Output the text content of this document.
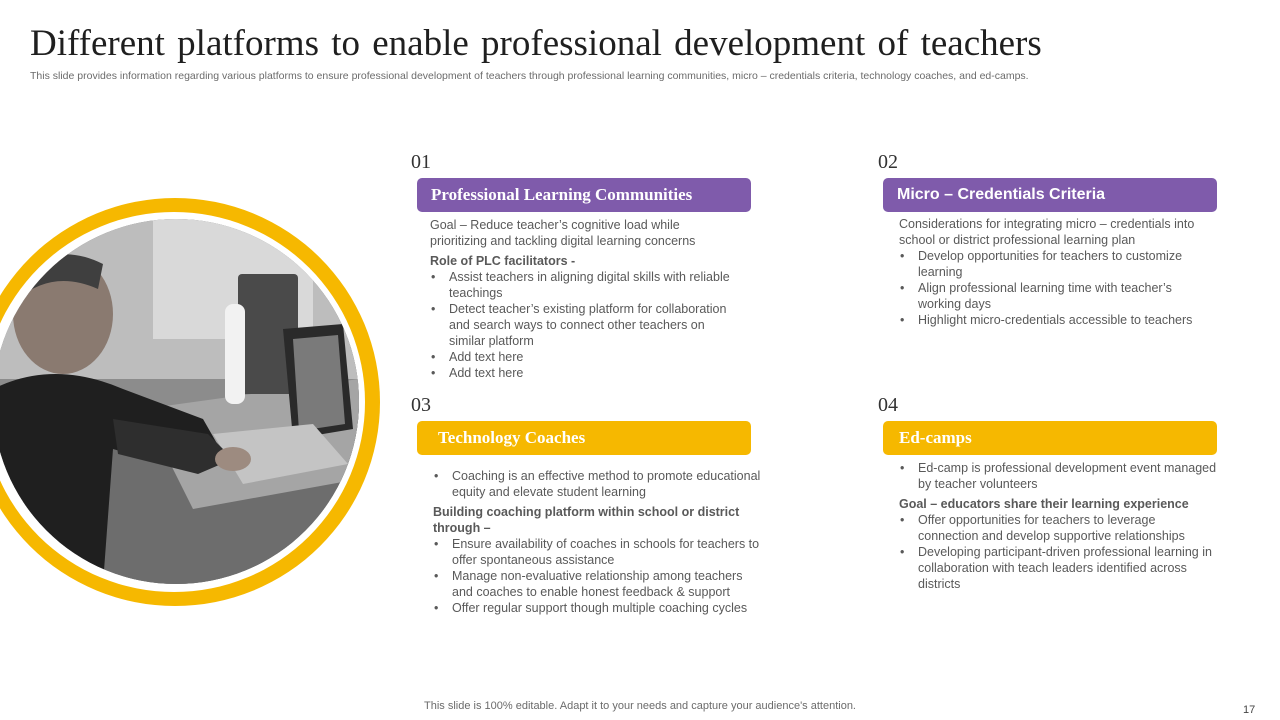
Different platforms to enable professional development of teachers
This slide provides information regarding various platforms to ensure professional development of teachers through professional learning communities, micro – credentials criteria, technology coaches, and ed-camps.
01
Professional Learning Communities

Goal – Reduce teacher’s cognitive load while prioritizing and tackling digital learning concerns

Role of PLC facilitators -

• Assist teachers in aligning digital skills with reliable teachings
• Detect teacher’s existing platform for collaboration and search ways to connect other teachers on similar platform
• Add text here
• Add text here
02
Micro – Credentials Criteria

Considerations for integrating micro – credentials into school or district professional learning plan

• Develop opportunities for teachers to customize learning
• Align professional learning time with teacher’s working days
• Highlight micro-credentials accessible to teachers
03
Technology Coaches
• Coaching is an effective method to promote educational equity and elevate student learning

Building coaching platform within school or district through –

• Ensure availability of coaches in schools for teachers to offer spontaneous assistance
• Manage non-evaluative relationship among teachers and coaches to enable honest feedback & support
• Offer regular support though multiple coaching cycles
04
Ed-camps
• Ed-camp is professional development event managed by teacher volunteers

Goal – educators share their learning experience

• Offer opportunities for teachers to leverage connection and develop supportive relationships
• Developing participant-driven professional learning in collaboration with teach leaders identified across districts
This slide is 100% editable. Adapt it to your needs and capture your audience's attention.	17
